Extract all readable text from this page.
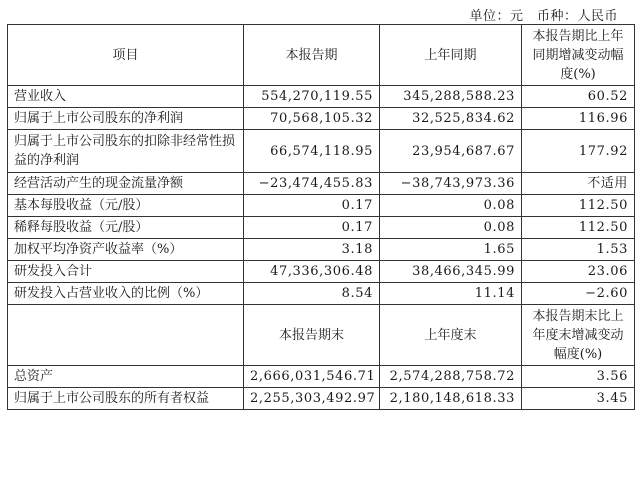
单位：元　币种：人民币
项目	本报告期	上年同期	本报告期比上年同期增减变动幅度(%)
营业收入	554,270,119.55	345,288,588.23	60.52
归属于上市公司股东的净利润	70,568,105.32	32,525,834.62	116.96
归属于上市公司股东的扣除非经常性损益的净利润	66,574,118.95	23,954,687.67	177.92
经营活动产生的现金流量净额	−23,474,455.83	−38,743,973.36	不适用
基本每股收益（元/股）	0.17	0.08	112.50
稀释每股收益（元/股）	0.17	0.08	112.50
加权平均净资产收益率（%）	3.18	1.65	1.53
研发投入合计	47,336,306.48	38,466,345.99	23.06
研发投入占营业收入的比例（%）	8.54	11.14	−2.60
	本报告期末	上年度末	本报告期末比上年度末增减变动幅度(%)
总资产	2,666,031,546.71	2,574,288,758.72	3.56
归属于上市公司股东的所有者权益	2,255,303,492.97	2,180,148,618.33	3.45
